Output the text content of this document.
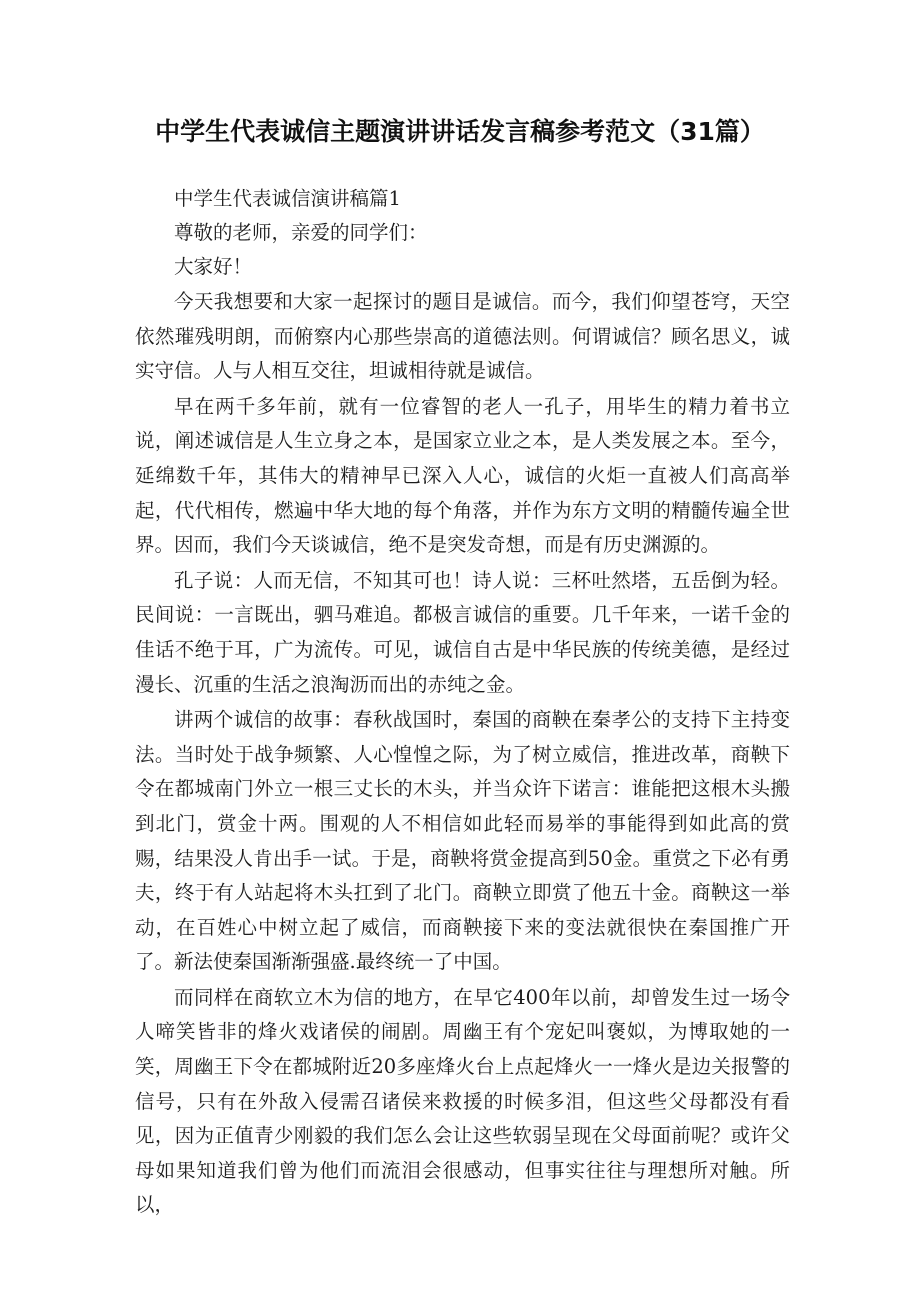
中学生代表诚信主题演讲讲话发言稿参考范文（31篇）

中学生代表诚信演讲稿篇1

尊敬的老师，亲爱的同学们：

大家好！

今天我想要和大家一起探讨的题目是诚信。而今，我们仰望苍穹，天空依然璀残明朗，而俯察内心那些崇高的道德法则。何谓诚信？顾名思义，诚实守信。人与人相互交往，坦诚相待就是诚信。

早在两千多年前，就有一位睿智的老人一孔子，用毕生的精力着书立说，阐述诚信是人生立身之本，是国家立业之本，是人类发展之本。至今，延绵数千年，其伟大的精神早已深入人心，诚信的火炬一直被人们高高举起，代代相传，燃遍中华大地的每个角落，并作为东方文明的精髓传遍全世界。因而，我们今天谈诚信，绝不是突发奇想，而是有历史渊源的。

孔子说：人而无信，不知其可也！诗人说：三杯吐然塔，五岳倒为轻。民间说：一言既出，驷马难追。都极言诚信的重要。几千年来，一诺千金的佳话不绝于耳，广为流传。可见，诚信自古是中华民族的传统美德，是经过漫长、沉重的生活之浪淘沥而出的赤纯之金。

讲两个诚信的故事：春秋战国时，秦国的商鞅在秦孝公的支持下主持变法。当时处于战争频繁、人心惶惶之际，为了树立威信，推进改革，商鞅下令在都城南门外立一根三丈长的木头，并当众许下诺言：谁能把这根木头搬到北门，赏金十两。围观的人不相信如此轻而易举的事能得到如此高的赏赐，结果没人肯出手一试。于是，商鞅将赏金提高到50金。重赏之下必有勇夫，终于有人站起将木头扛到了北门。商鞅立即赏了他五十金。商鞅这一举动，在百姓心中树立起了威信，而商鞅接下来的变法就很快在秦国推广开了。新法使秦国渐渐强盛.最终统一了中国。

而同样在商软立木为信的地方，在早它400年以前，却曾发生过一场令人啼笑皆非的烽火戏诸侯的闹剧。周幽王有个宠妃叫褒姒，为博取她的一笑，周幽王下令在都城附近20多座烽火台上点起烽火一一烽火是边关报警的信号，只有在外敌入侵需召诸侯来救援的时候多泪，但这些父母都没有看见，因为正值青少刚毅的我们怎么会让这些软弱呈现在父母面前呢？或许父母如果知道我们曾为他们而流泪会很感动，但事实往往与理想所对触。所以，
